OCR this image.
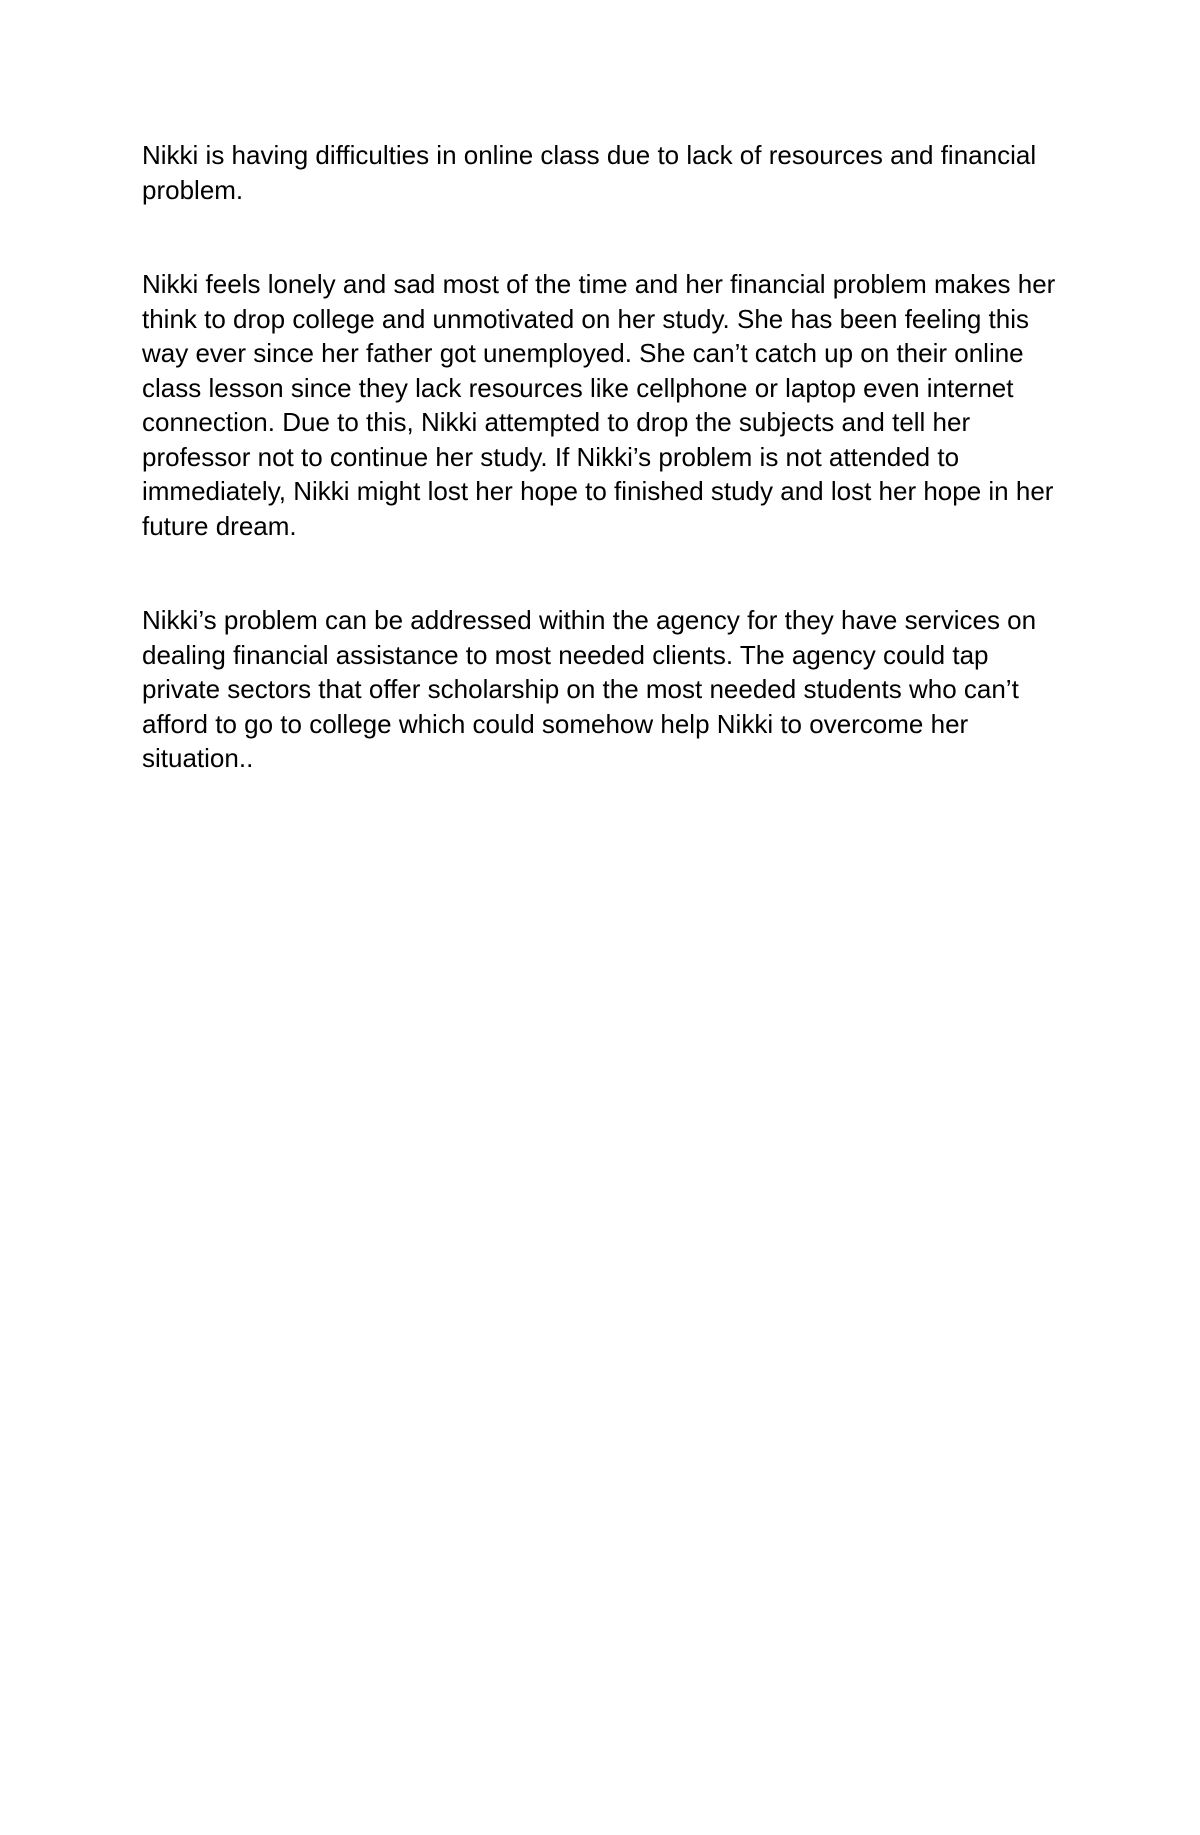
Nikki is having difficulties in online class due to lack of resources and financial problem.

Nikki feels lonely and sad most of the time and her financial problem makes her think to drop college and unmotivated on her study. She has been feeling this way ever since her father got unemployed. She can’t catch up on their online class lesson since they lack resources like cellphone or laptop even internet connection. Due to this, Nikki attempted to drop the subjects and tell her professor not to continue her study. If Nikki’s problem is not attended to immediately, Nikki might lost her hope to finished study and lost her hope in her future dream.

Nikki’s problem can be addressed within the agency for they have services on dealing financial assistance to most needed clients. The agency could tap private sectors that offer scholarship on the most needed students who can’t afford to go to college which could somehow help Nikki to overcome her situation..
